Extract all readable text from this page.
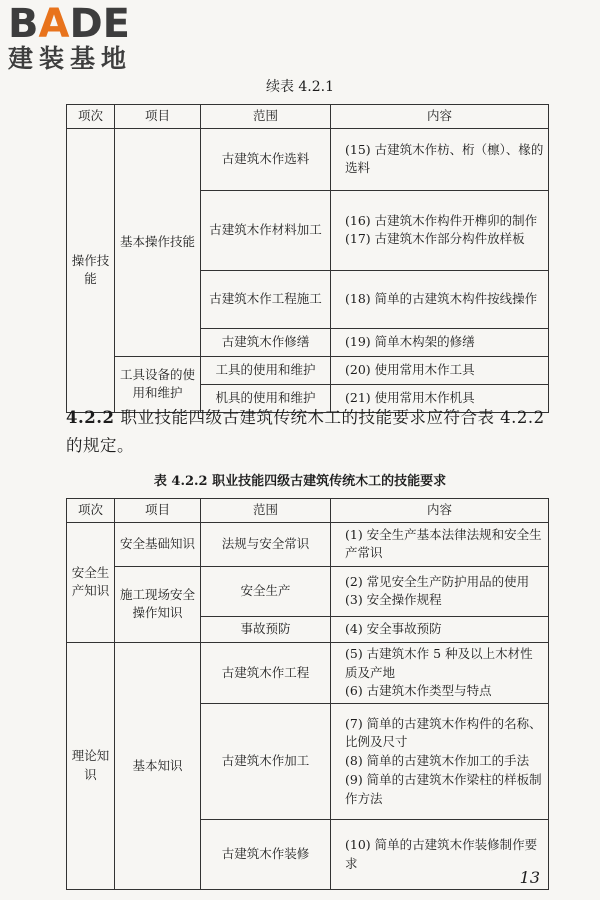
BADE
建装基地
续表 4.2.1
项次	项目	范围	内容
操作技能	基本操作技能	古建筑木作选料	(15) 古建筑木作枋、桁（檩）、椽的选料
		古建筑木作材料加工	(16) 古建筑木作构件开榫卯的制作
(17) 古建筑木作部分构件放样板
		古建筑木作工程施工	(18) 简单的古建筑木构件按线操作
		古建筑木作修缮	(19) 简单木构架的修缮
	工具设备的使用和维护	工具的使用和维护	(20) 使用常用木作工具
		机具的使用和维护	(21) 使用常用木作机具
4.2.2 职业技能四级古建筑传统木工的技能要求应符合表 4.2.2 的规定。
表 4.2.2 职业技能四级古建筑传统木工的技能要求
项次	项目	范围	内容
安全生产知识	安全基础知识	法规与安全常识	(1) 安全生产基本法律法规和安全生产常识
	施工现场安全操作知识	安全生产	(2) 常见安全生产防护用品的使用
(3) 安全操作规程
		事故预防	(4) 安全事故预防
理论知识	基本知识	古建筑木作工程	(5) 古建筑木作 5 种及以上木材性质及产地
(6) 古建筑木作类型与特点
		古建筑木作加工	(7) 简单的古建筑木作构件的名称、比例及尺寸
(8) 简单的古建筑木作加工的手法
(9) 简单的古建筑木作梁柱的样板制作方法
		古建筑木作装修	(10) 简单的古建筑木作装修制作要求
13
